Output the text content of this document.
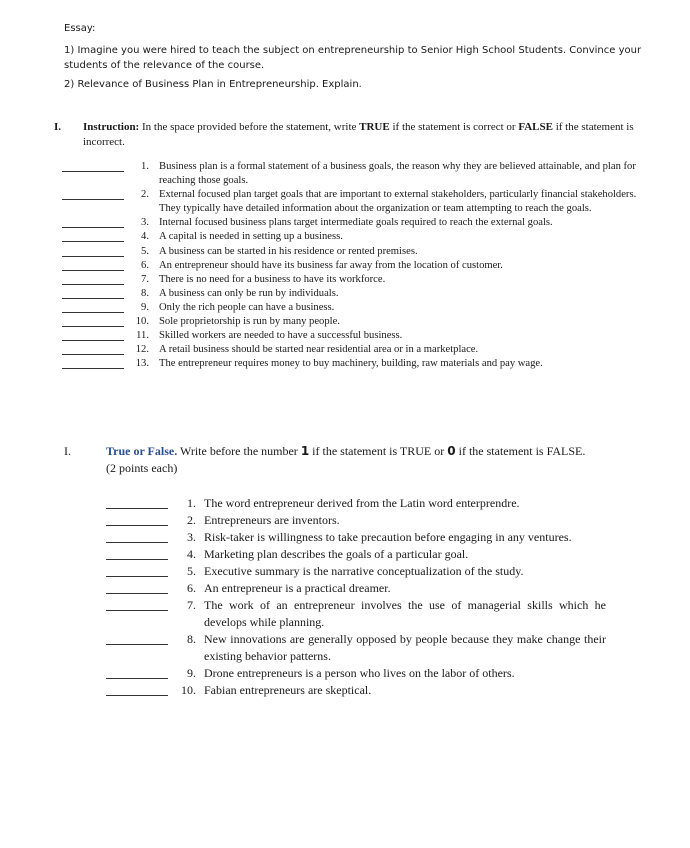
Essay:
1) Imagine you were hired to teach the subject on entrepreneurship to Senior High School Students. Convince your students of the relevance of the course.
2) Relevance of Business Plan in Entrepreneurship. Explain.
I. Instruction: In the space provided before the statement, write TRUE if the statement is correct or FALSE if the statement is incorrect.
1. Business plan is a formal statement of a business goals, the reason why they are believed attainable, and plan for reaching those goals.
2. External focused plan target goals that are important to external stakeholders, particularly financial stakeholders. They typically have detailed information about the organization or team attempting to reach the goals.
3. Internal focused business plans target intermediate goals required to reach the external goals.
4. A capital is needed in setting up a business.
5. A business can be started in his residence or rented premises.
6. An entrepreneur should have its business far away from the location of customer.
7. There is no need for a business to have its workforce.
8. A business can only be run by individuals.
9. Only the rich people can have a business.
10. Sole proprietorship is run by many people.
11. Skilled workers are needed to have a successful business.
12. A retail business should be started near residential area or in a marketplace.
13. The entrepreneur requires money to buy machinery, building, raw materials and pay wage.
I.	True or False. Write before the number 1 if the statement is TRUE or 0 if the statement is FALSE. (2 points each)
1. The word entrepreneur derived from the Latin word enterprendre.
2. Entrepreneurs are inventors.
3. Risk-taker is willingness to take precaution before engaging in any ventures.
4. Marketing plan describes the goals of a particular goal.
5. Executive summary is the narrative conceptualization of the study.
6. An entrepreneur is a practical dreamer.
7. The work of an entrepreneur involves the use of managerial skills which he develops while planning.
8. New innovations are generally opposed by people because they make change their existing behavior patterns.
9. Drone entrepreneurs is a person who lives on the labor of others.
10. Fabian entrepreneurs are skeptical.
